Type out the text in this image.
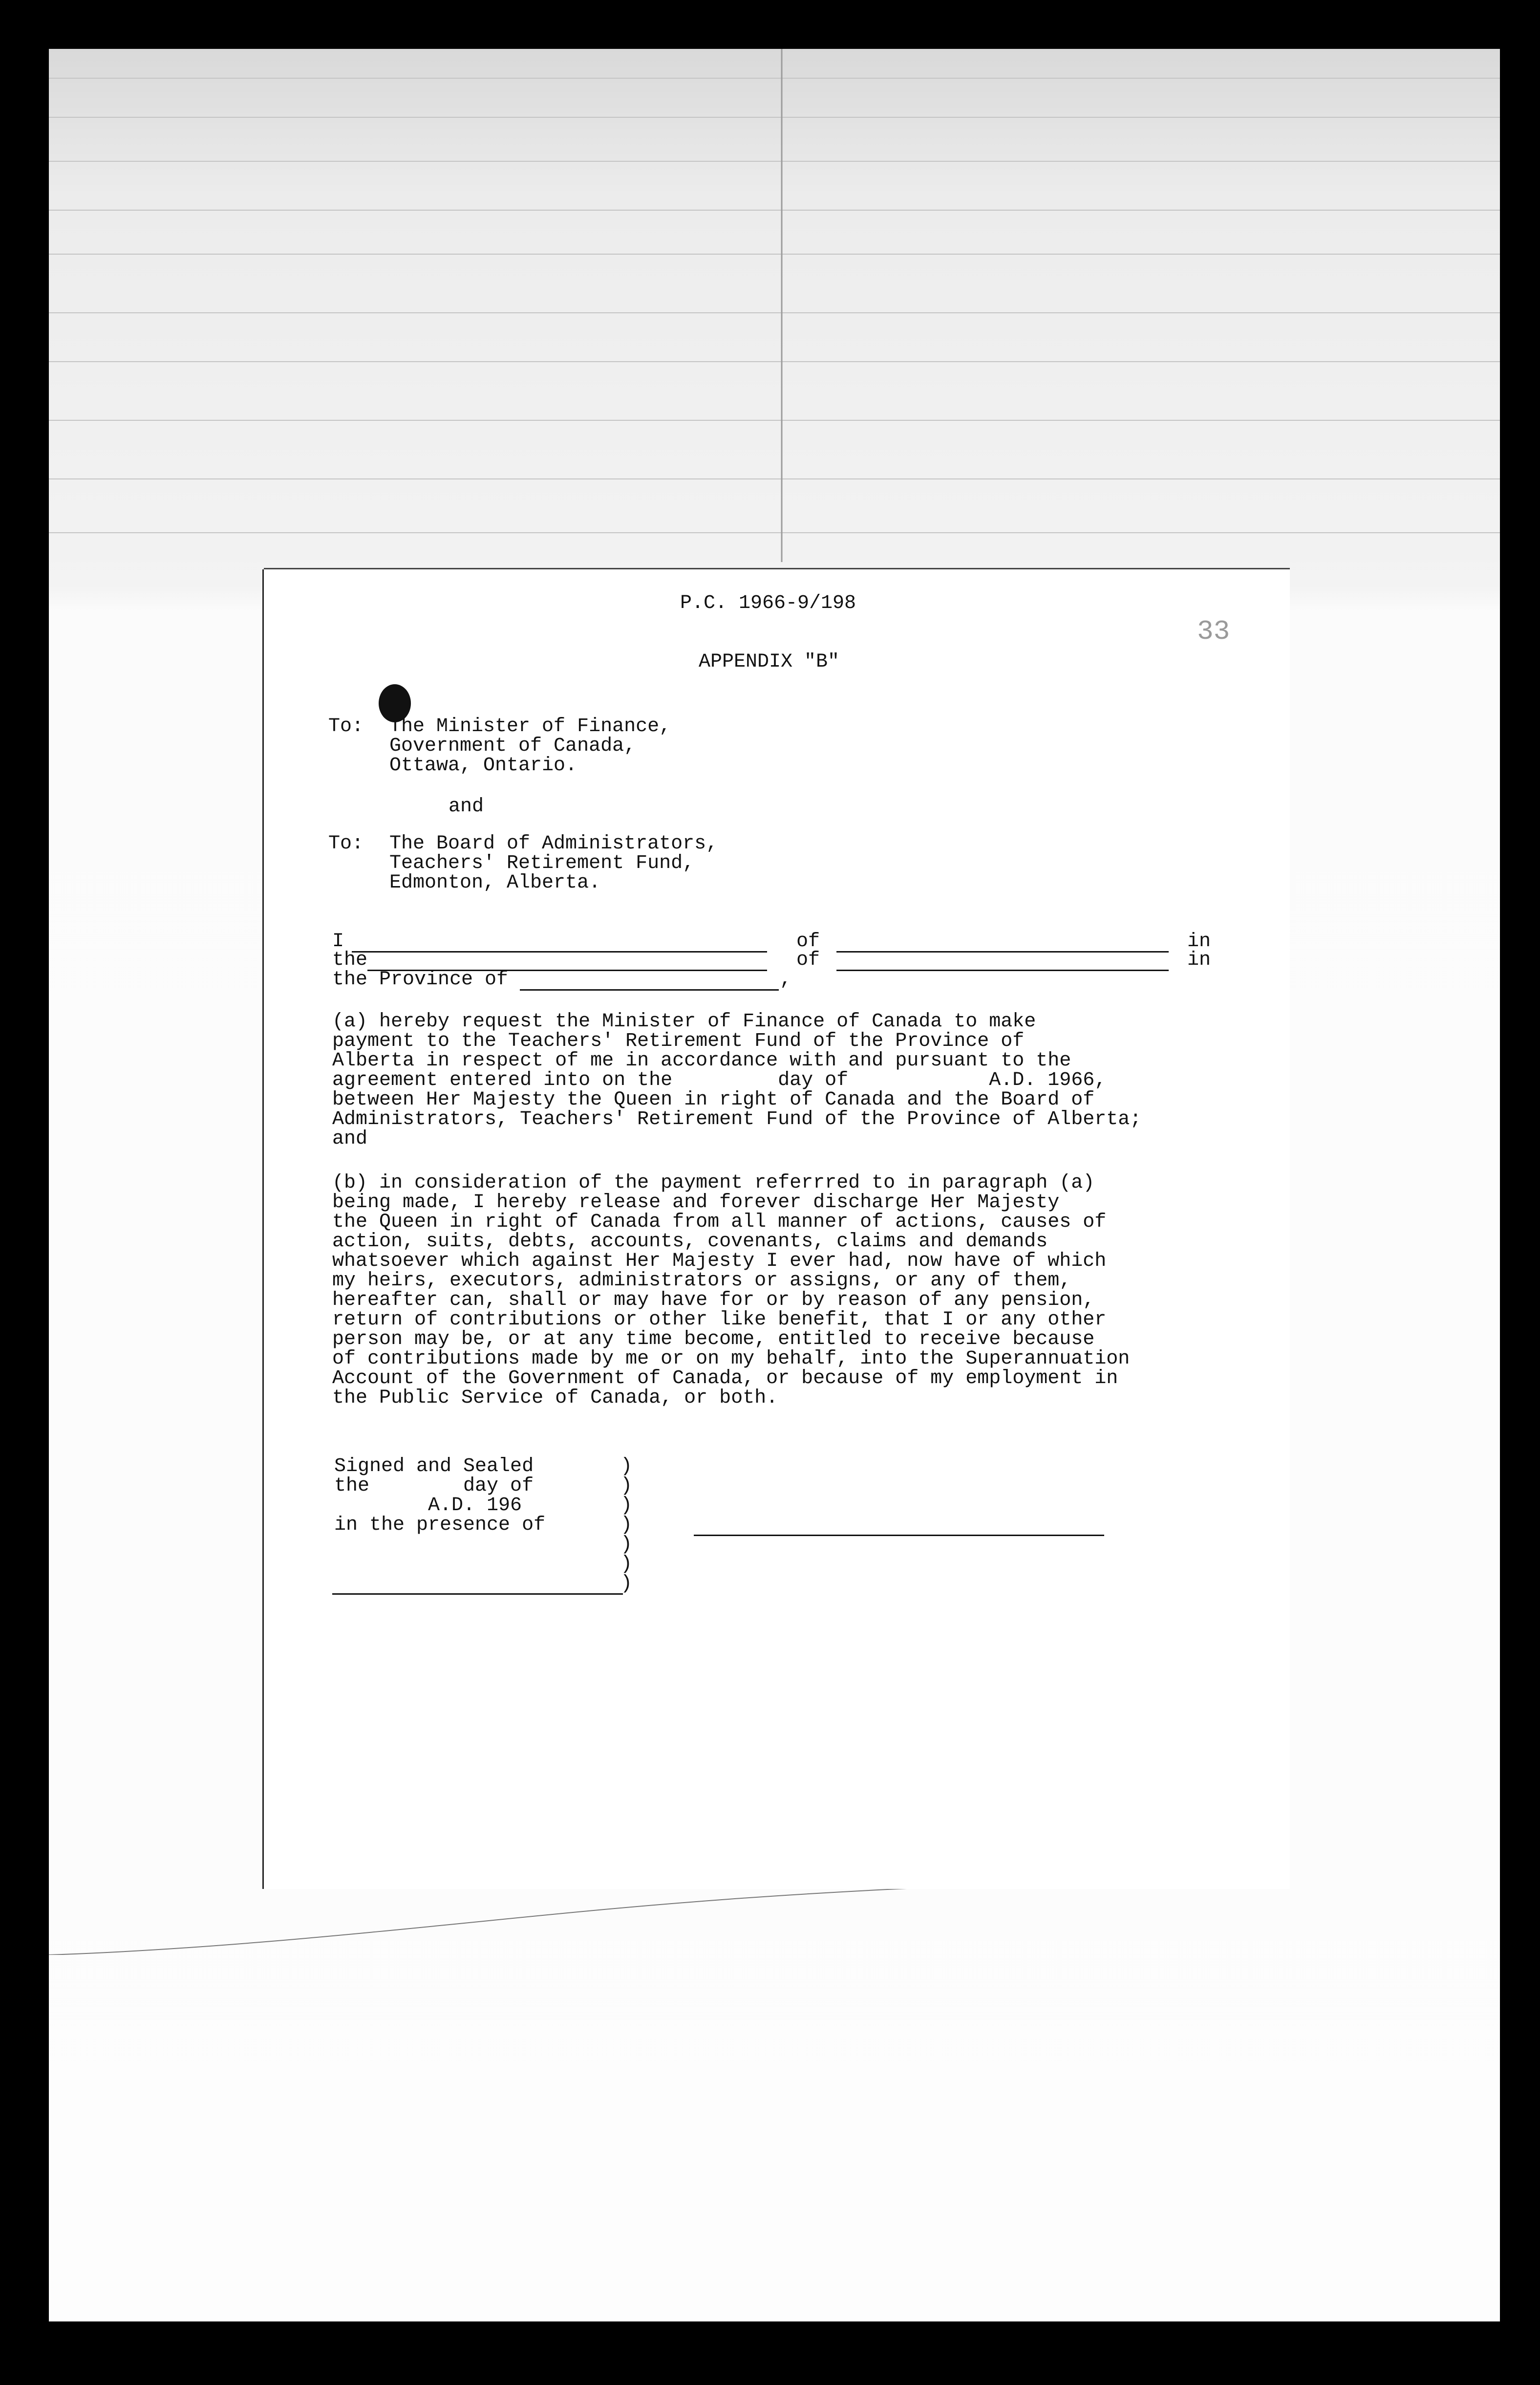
33
P.C. 1966-9/198
APPENDIX "B"
To: The Minister of Finance,
Government of Canada,
Ottawa, Ontario.
and
To: The Board of Administrators,
Teachers' Retirement Fund,
Edmonton, Alberta.
I	of	in
the	of	in
the Province of	,
(a) hereby request the Minister of Finance of Canada to make
payment to the Teachers' Retirement Fund of the Province of
Alberta in respect of me in accordance with and pursuant to the
agreement entered into on the         day of            A.D. 1966,
between Her Majesty the Queen in right of Canada and the Board of
Administrators, Teachers' Retirement Fund of the Province of Alberta;
and
(b) in consideration of the payment referrred to in paragraph (a)
being made, I hereby release and forever discharge Her Majesty
the Queen in right of Canada from all manner of actions, causes of
action, suits, debts, accounts, covenants, claims and demands
whatsoever which against Her Majesty I ever had, now have of which
my heirs, executors, administrators or assigns, or any of them,
hereafter can, shall or may have for or by reason of any pension,
return of contributions or other like benefit, that I or any other
person may be, or at any time become, entitled to receive because
of contributions made by me or on my behalf, into the Superannuation
Account of the Government of Canada, or because of my employment in
the Public Service of Canada, or both.
Signed and Sealed
the        day of
A.D. 196
in the presence of
)
)
)
)
)
)
)
